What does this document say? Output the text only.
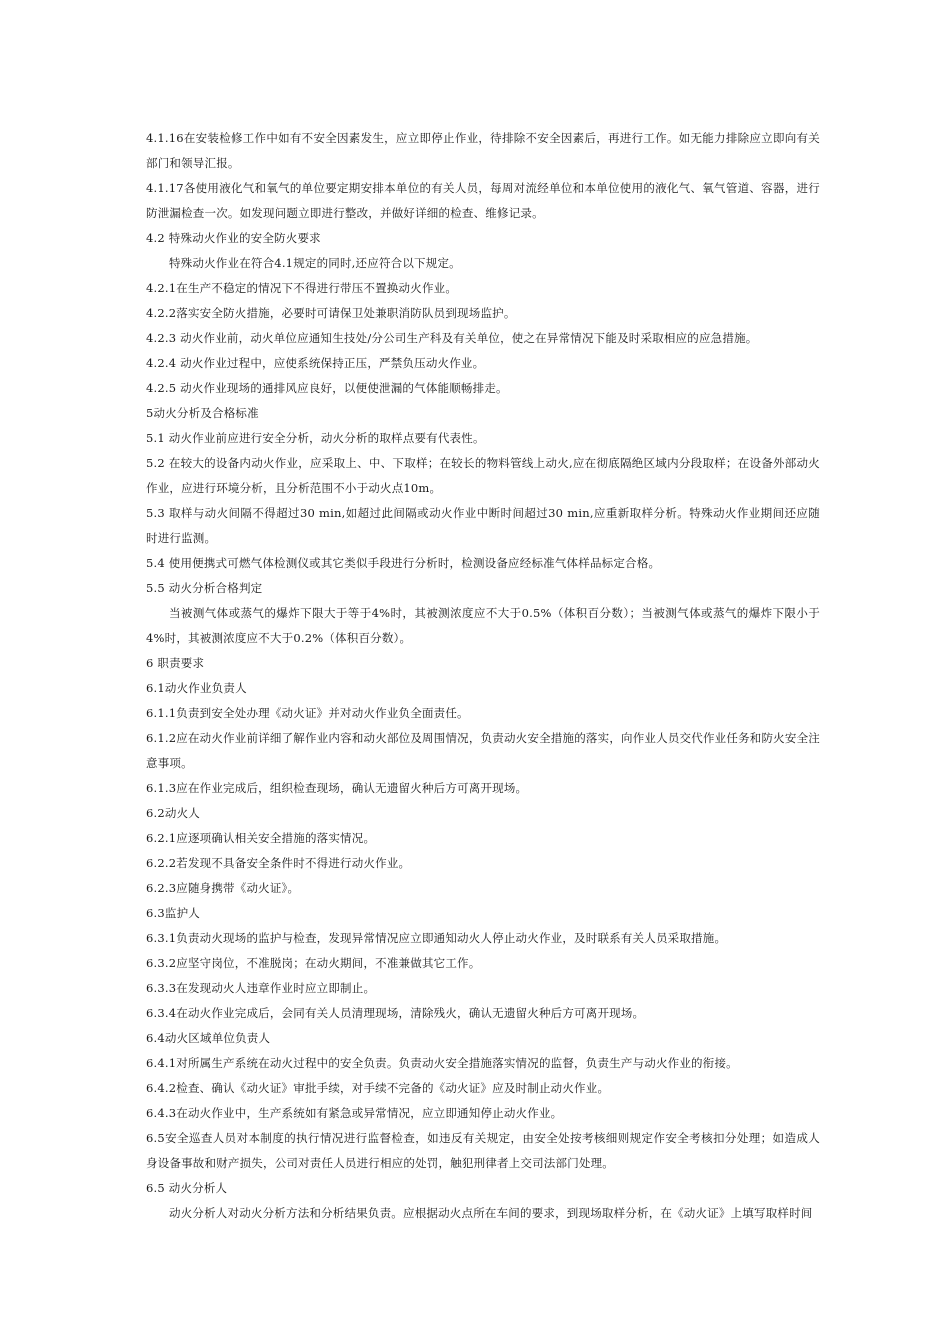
4.1.16在安装检修工作中如有不安全因素发生，应立即停止作业，待排除不安全因素后，再进行工作。如无能力排除应立即向有关部门和领导汇报。

4.1.17各使用液化气和氧气的单位要定期安排本单位的有关人员，每周对流经单位和本单位使用的液化气、氧气管道、容器，进行防泄漏检查一次。如发现问题立即进行整改，并做好详细的检查、维修记录。

4.2 特殊动火作业的安全防火要求

特殊动火作业在符合4.1规定的同时,还应符合以下规定。

4.2.1在生产不稳定的情况下不得进行带压不置换动火作业。

4.2.2落实安全防火措施，必要时可请保卫处兼职消防队员到现场监护。

4.2.3 动火作业前，动火单位应通知生技处/分公司生产科及有关单位，使之在异常情况下能及时采取相应的应急措施。

4.2.4 动火作业过程中，应使系统保持正压，严禁负压动火作业。

4.2.5 动火作业现场的通排风应良好，以便使泄漏的气体能顺畅排走。

5动火分析及合格标准

5.1 动火作业前应进行安全分析，动火分析的取样点要有代表性。

5.2 在较大的设备内动火作业，应采取上、中、下取样；在较长的物料管线上动火,应在彻底隔绝区域内分段取样；在设备外部动火作业，应进行环境分析，且分析范围不小于动火点10m。

5.3 取样与动火间隔不得超过30 min,如超过此间隔或动火作业中断时间超过30 min,应重新取样分析。特殊动火作业期间还应随时进行监测。

5.4 使用便携式可燃气体检测仪或其它类似手段进行分析时，检测设备应经标准气体样品标定合格。

5.5 动火分析合格判定

当被测气体或蒸气的爆炸下限大于等于4%时，其被测浓度应不大于0.5%（体积百分数）；当被测气体或蒸气的爆炸下限小于4%时，其被测浓度应不大于0.2%（体积百分数）。

6 职责要求

6.1动火作业负责人

6.1.1负责到安全处办理《动火证》并对动火作业负全面责任。

6.1.2应在动火作业前详细了解作业内容和动火部位及周围情况，负责动火安全措施的落实，向作业人员交代作业任务和防火安全注意事项。

6.1.3应在作业完成后，组织检查现场，确认无遗留火种后方可离开现场。

6.2动火人

6.2.1应逐项确认相关安全措施的落实情况。

6.2.2若发现不具备安全条件时不得进行动火作业。

6.2.3应随身携带《动火证》。

6.3监护人

6.3.1负责动火现场的监护与检查，发现异常情况应立即通知动火人停止动火作业，及时联系有关人员采取措施。

6.3.2应坚守岗位，不准脱岗；在动火期间，不准兼做其它工作。

6.3.3在发现动火人违章作业时应立即制止。

6.3.4在动火作业完成后，会同有关人员清理现场，清除残火，确认无遗留火种后方可离开现场。

6.4动火区域单位负责人

6.4.1对所属生产系统在动火过程中的安全负责。负责动火安全措施落实情况的监督，负责生产与动火作业的衔接。

6.4.2检查、确认《动火证》审批手续，对手续不完备的《动火证》应及时制止动火作业。

6.4.3在动火作业中，生产系统如有紧急或异常情况，应立即通知停止动火作业。

6.5安全巡查人员对本制度的执行情况进行监督检查，如违反有关规定，由安全处按考核细则规定作安全考核扣分处理；如造成人身设备事故和财产损失，公司对责任人员进行相应的处罚，触犯刑律者上交司法部门处理。

6.5 动火分析人

动火分析人对动火分析方法和分析结果负责。应根据动火点所在车间的要求，到现场取样分析，在《动火证》上填写取样时间
